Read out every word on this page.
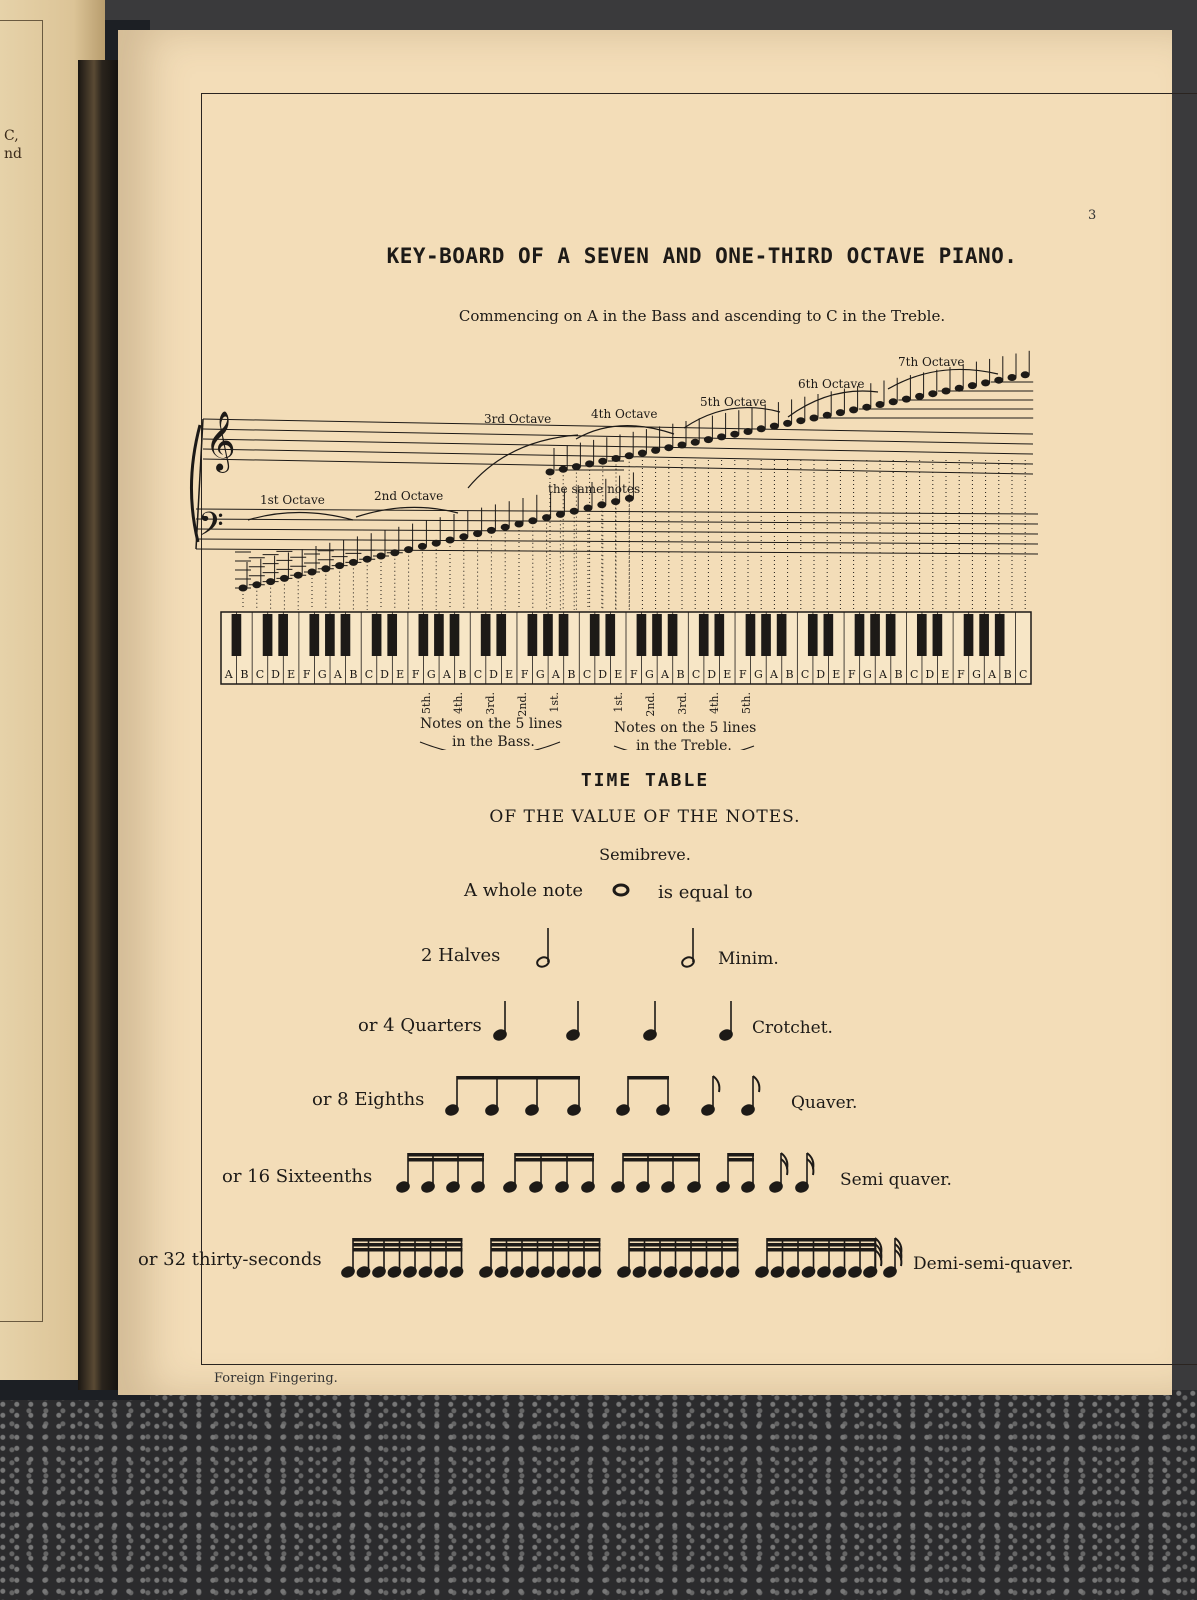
C,
nd
3
KEY-BOARD OF A SEVEN AND ONE-THIRD OCTAVE PIANO.
Commencing on A in the Bass and ascending to C in the Treble.
Foreign Fingering.
1st Octave	2nd Octave
3rd Octave	4th Octave
5th Octave
6th Octave
7th Octave
the same notes
𝄞
𝄢
A B C D E F G A B C D E F G A B C D E F G A B C D E F G A B C D E F G A B C D E F G A B C D E F G A B C
5th. 4th. 3rd. 2nd. 1st.	1st. 2nd. 3rd. 4th. 5th.
Notes on the 5 lines
in the Bass.
Notes on the 5 lines
in the Treble.
TIME TABLE
OF THE VALUE OF THE NOTES.
Semibreve.
A whole note	is equal to
2 Halves	Minim.
or 4 Quarters	Crotchet.
or 8 Eighths	Quaver.
or 16 Sixteenths	Semi quaver.
or 32 thirty-seconds	Demi-semi-quaver.
